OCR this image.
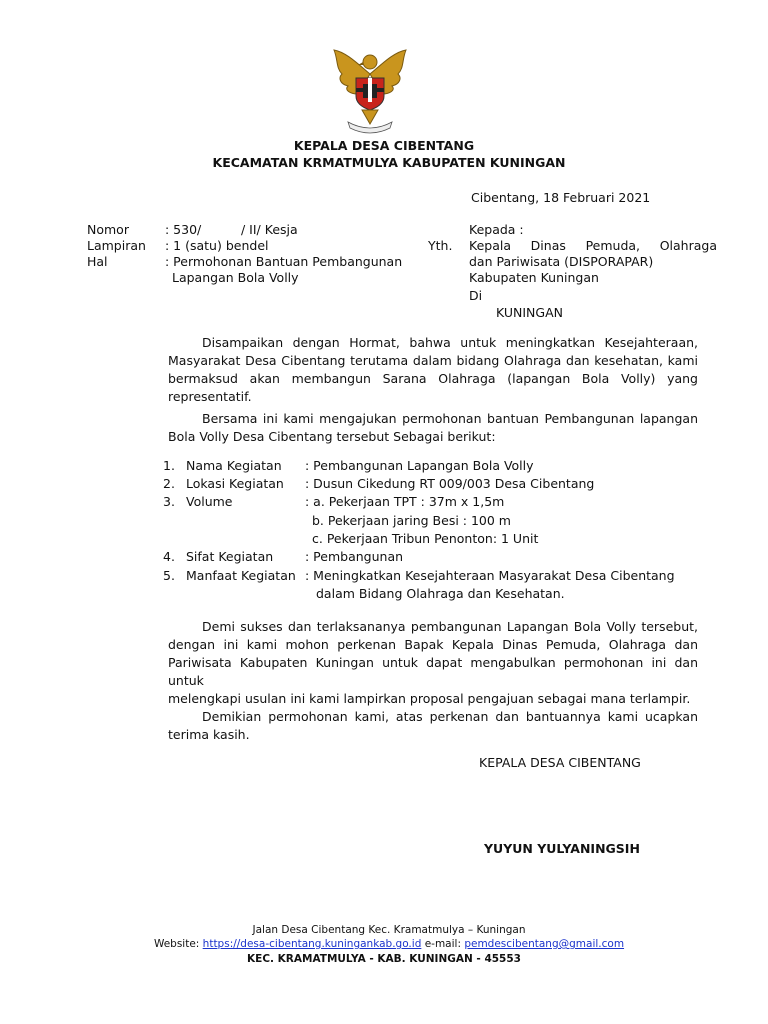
KEPALA DESA CIBENTANG
KECAMATAN KRMATMULYA KABUPATEN KUNINGAN
Cibentang, 18 Februari 2021
Nomor	: 530/	/ II/ Kesja
Lampiran : 1 (satu) bendel
Hal	: Permohonan Bantuan Pembangunan
Lapangan Bola Volly
Yth.
Kepada :
Kepala Dinas Pemuda, Olahraga
dan Pariwisata (DISPORAPAR)
Kabupaten Kuningan
Di
KUNINGAN
Disampaikan dengan Hormat, bahwa untuk meningkatkan Kesejahteraan,
Masyarakat Desa Cibentang terutama dalam bidang Olahraga dan kesehatan, kami
bermaksud akan membangun Sarana Olahraga (lapangan Bola Volly) yang
representatif.
Bersama ini kami mengajukan permohonan bantuan Pembangunan lapangan
Bola Volly Desa Cibentang tersebut Sebagai berikut:
1. Nama Kegiatan : Pembangunan Lapangan Bola Volly
2. Lokasi Kegiatan : Dusun Cikedung RT 009/003 Desa Cibentang
3. Volume	: a. Pekerjaan TPT : 37m x 1,5m
b. Pekerjaan jaring Besi : 100 m
c. Pekerjaan Tribun Penonton: 1 Unit
4. Sifat Kegiatan	: Pembangunan
5. Manfaat Kegiatan : Meningkatkan Kesejahteraan Masyarakat Desa Cibentang
dalam Bidang Olahraga dan Kesehatan.
Demi sukses dan terlaksananya pembangunan Lapangan Bola Volly tersebut,
dengan ini kami mohon perkenan Bapak Kepala Dinas Pemuda, Olahraga dan
Pariwisata Kabupaten Kuningan untuk dapat mengabulkan permohonan ini dan untuk
melengkapi usulan ini kami lampirkan proposal pengajuan sebagai mana terlampir.
Demikian permohonan kami, atas perkenan dan bantuannya kami ucapkan
terima kasih.
KEPALA DESA CIBENTANG
YUYUN YULYANINGSIH
Jalan Desa Cibentang Kec. Kramatmulya – Kuningan
Website: https://desa-cibentang.kuningankab.go.id e-mail: pemdescibentang@gmail.com
KEC. KRAMATMULYA - KAB. KUNINGAN - 45553
